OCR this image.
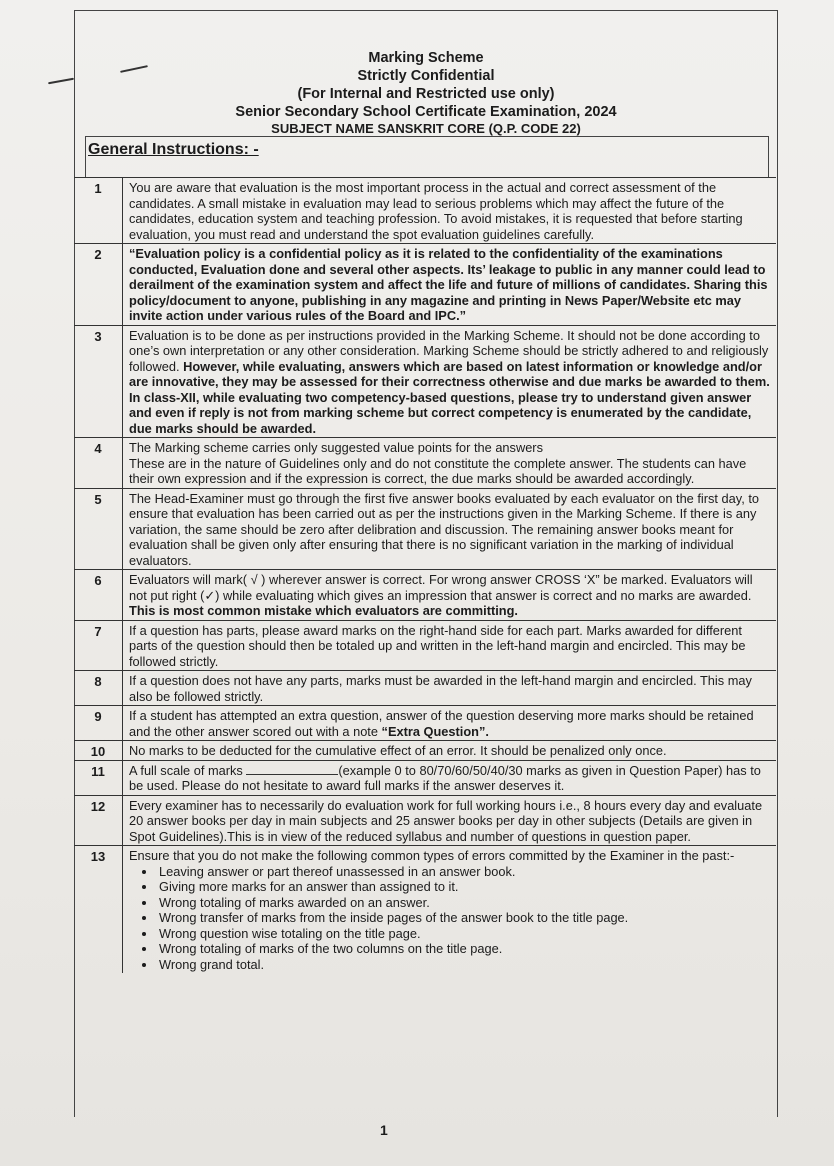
Marking Scheme
Strictly Confidential
(For Internal and Restricted use only)
Senior Secondary School Certificate Examination, 2024
SUBJECT NAME SANSKRIT CORE (Q.P. CODE 22)
General Instructions: -
1	You are aware that evaluation is the most important process in the actual and correct assessment of the candidates. A small mistake in evaluation may lead to serious problems which may affect the future of the candidates, education system and teaching profession. To avoid mistakes, it is requested that before starting evaluation, you must read and understand the spot evaluation guidelines carefully.
2	“Evaluation policy is a confidential policy as it is related to the confidentiality of the examinations conducted, Evaluation done and several other aspects. Its’ leakage to public in any manner could lead to derailment of the examination system and affect the life and future of millions of candidates. Sharing this policy/document to anyone, publishing in any magazine and printing in News Paper/Website etc may invite action under various rules of the Board and IPC.”
3	Evaluation is to be done as per instructions provided in the Marking Scheme. It should not be done according to one’s own interpretation or any other consideration. Marking Scheme should be strictly adhered to and religiously followed. However, while evaluating, answers which are based on latest information or knowledge and/or are innovative, they may be assessed for their correctness otherwise and due marks be awarded to them. In class-XII, while evaluating two competency-based questions, please try to understand given answer and even if reply is not from marking scheme but correct competency is enumerated by the candidate, due marks should be awarded.
4	The Marking scheme carries only suggested value points for the answers
These are in the nature of Guidelines only and do not constitute the complete answer. The students can have their own expression and if the expression is correct, the due marks should be awarded accordingly.
5	The Head-Examiner must go through the first five answer books evaluated by each evaluator on the first day, to ensure that evaluation has been carried out as per the instructions given in the Marking Scheme. If there is any variation, the same should be zero after delibration and discussion. The remaining answer books meant for evaluation shall be given only after ensuring that there is no significant variation in the marking of individual evaluators.
6	Evaluators will mark( √ ) wherever answer is correct. For wrong answer CROSS ‘X” be marked. Evaluators will not put right (✓) while evaluating which gives an impression that answer is correct and no marks are awarded. This is most common mistake which evaluators are committing.
7	If a question has parts, please award marks on the right-hand side for each part. Marks awarded for different parts of the question should then be totaled up and written in the left-hand margin and encircled. This may be followed strictly.
8	If a question does not have any parts, marks must be awarded in the left-hand margin and encircled. This may also be followed strictly.
9	If a student has attempted an extra question, answer of the question deserving more marks should be retained and the other answer scored out with a note “Extra Question”.
10	No marks to be deducted for the cumulative effect of an error. It should be penalized only once.
11	A full scale of marks	(example 0 to 80/70/60/50/40/30 marks as given in Question Paper) has to be used. Please do not hesitate to award full marks if the answer deserves it.
12	Every examiner has to necessarily do evaluation work for full working hours i.e., 8 hours every day and evaluate 20 answer books per day in main subjects and 25 answer books per day in other subjects (Details are given in Spot Guidelines).This is in view of the reduced syllabus and number of questions in question paper.
13	Ensure that you do not make the following common types of errors committed by the Examiner in the past:-
• Leaving answer or part thereof unassessed in an answer book.
• Giving more marks for an answer than assigned to it.
• Wrong totaling of marks awarded on an answer.
• Wrong transfer of marks from the inside pages of the answer book to the title page.
• Wrong question wise totaling on the title page.
• Wrong totaling of marks of the two columns on the title page.
• Wrong grand total.
1
